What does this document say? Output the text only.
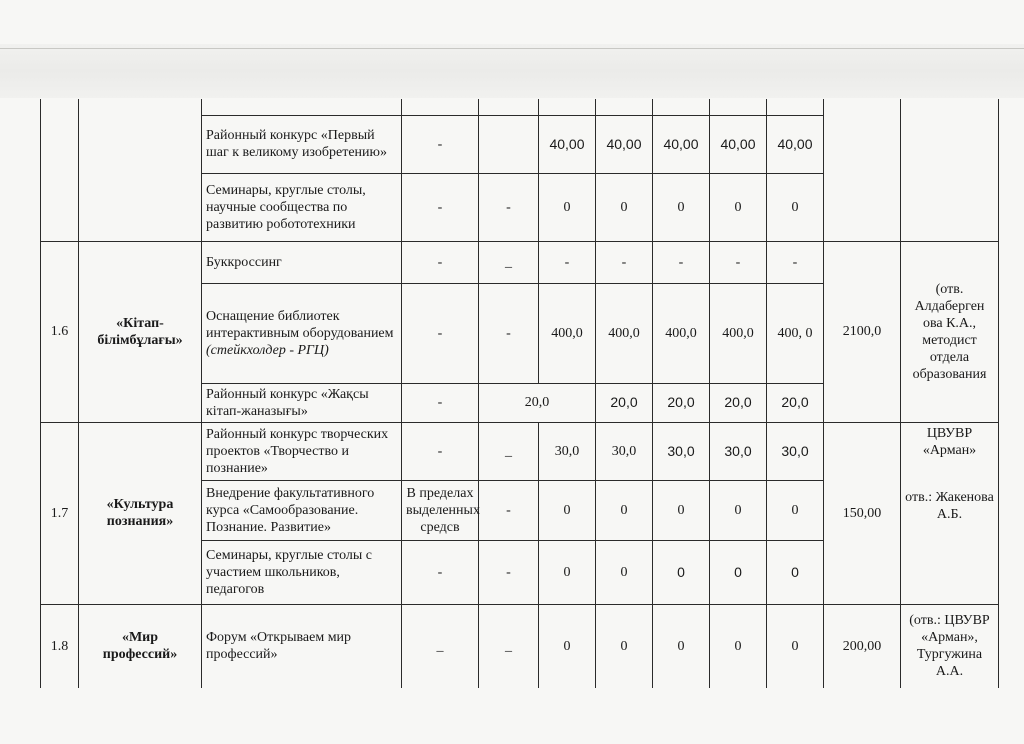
		Районный конкурс «Первый шаг к великому изобретению»	-		40,00	40,00	40,00	40,00	40,00		
		Семинары, круглые столы, научные сообщества по развитию робототехники	-	-	0	0	0	0	0		
1.6	«Кітап-білімбұлағы»	Буккроссинг	-	_	-	-	-	-	-	2100,0	(отв. Алдаберген ова К.А., методист отдела образования
		Оснащение библиотек интерактивным оборудованием (стейкхолдер - РГЦ)	-	-	400,0	400,0	400,0	400,0	400, 0		
		Районный конкурс «Жақсы кітап-жаназығы»	-	20,0		20,0	20,0	20,0	20,0		
1.7	«Культура познания»	Районный конкурс творческих проектов «Творчество и познание»	-	_	30,0	30,0	30,0	30,0	30,0	150,00	ЦВУВР «Арман»
отв.: Жакенова А.Б.

		Внедрение факультативного курса «Самообразование. Познание. Развитие»	В пределах выделенных средсв	-	0	0	0	0	0		
		Семинары, круглые столы с участием школьников, педагогов	-	-	0	0	0	0	0		
1.8	«Мир профессий»	Форум «Открываем мир профессий»	_	_	0	0	0	0	0	200,00	(отв.: ЦВУВР «Арман», Тургужина А.А.
